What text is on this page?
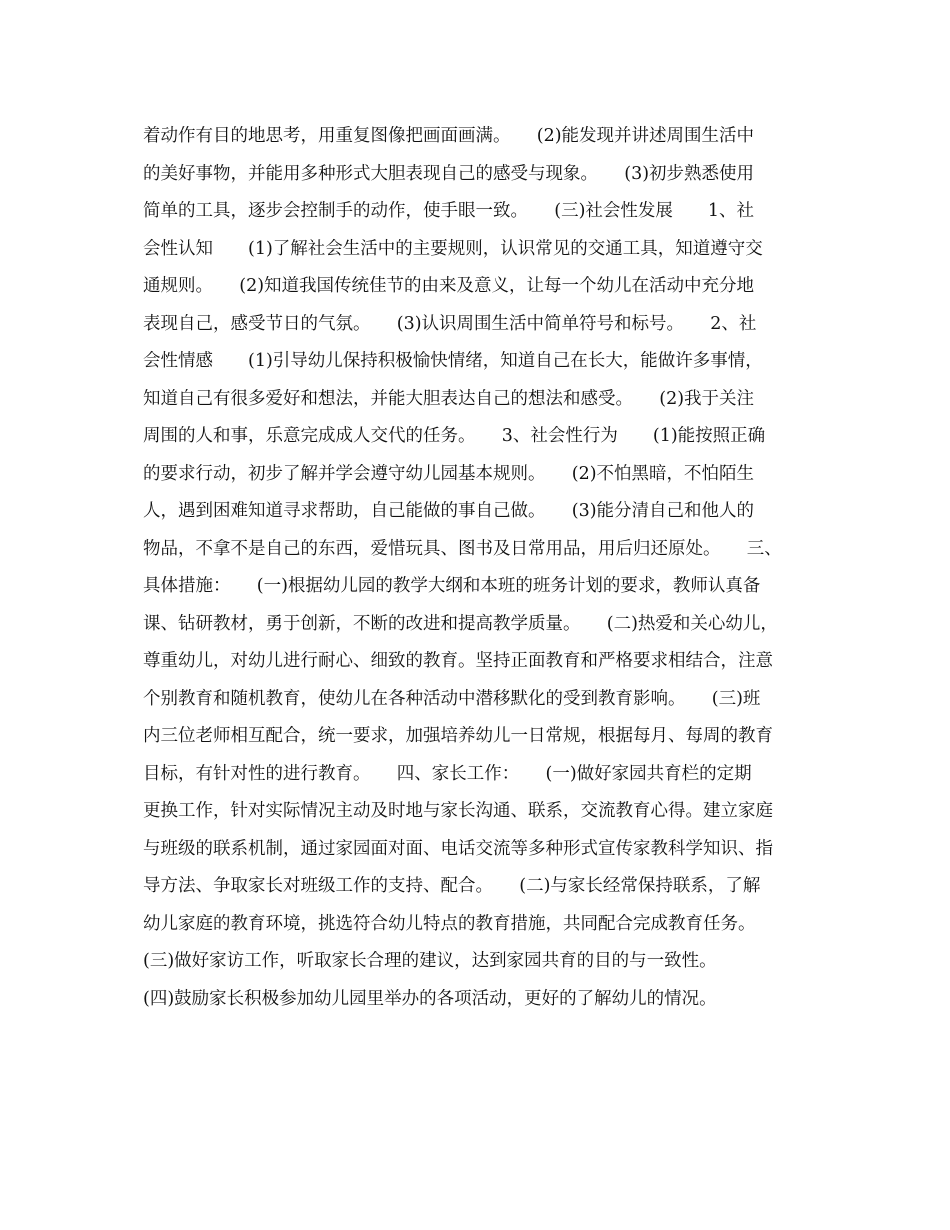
着动作有目的地思考，用重复图像把画面画满。　　(2)能发现并讲述周围生活中
的美好事物，并能用多种形式大胆表现自己的感受与现象。　　(3)初步熟悉使用
简单的工具，逐步会控制手的动作，使手眼一致。　　(三)社会性发展　　1、社
会性认知　　(1)了解社会生活中的主要规则，认识常见的交通工具，知道遵守交
通规则。　　(2)知道我国传统佳节的由来及意义，让每一个幼儿在活动中充分地
表现自己，感受节日的气氛。　　(3)认识周围生活中简单符号和标号。　　2、社
会性情感　　(1)引导幼儿保持积极愉快情绪，知道自己在长大，能做许多事情，
知道自己有很多爱好和想法，并能大胆表达自己的想法和感受。　　(2)我于关注
周围的人和事，乐意完成成人交代的任务。　　3、社会性行为　　(1)能按照正确
的要求行动，初步了解并学会遵守幼儿园基本规则。　　(2)不怕黑暗，不怕陌生
人，遇到困难知道寻求帮助，自己能做的事自己做。　　(3)能分清自己和他人的
物品，不拿不是自己的东西，爱惜玩具、图书及日常用品，用后归还原处。　　三、
具体措施：　　(一)根据幼儿园的教学大纲和本班的班务计划的要求，教师认真备
课、钻研教材，勇于创新，不断的改进和提高教学质量。　　(二)热爱和关心幼儿，
尊重幼儿，对幼儿进行耐心、细致的教育。坚持正面教育和严格要求相结合，注意
个别教育和随机教育，使幼儿在各种活动中潜移默化的受到教育影响。　　(三)班
内三位老师相互配合，统一要求，加强培养幼儿一日常规，根据每月、每周的教育
目标，有针对性的进行教育。　　四、家长工作：　　(一)做好家园共育栏的定期
更换工作，针对实际情况主动及时地与家长沟通、联系，交流教育心得。建立家庭
与班级的联系机制，通过家园面对面、电话交流等多种形式宣传家教科学知识、指
导方法、争取家长对班级工作的支持、配合。　　(二)与家长经常保持联系，了解
幼儿家庭的教育环境，挑选符合幼儿特点的教育措施，共同配合完成教育任务。
(三)做好家访工作，听取家长合理的建议，达到家园共育的目的与一致性。
(四)鼓励家长积极参加幼儿园里举办的各项活动，更好的了解幼儿的情况。
